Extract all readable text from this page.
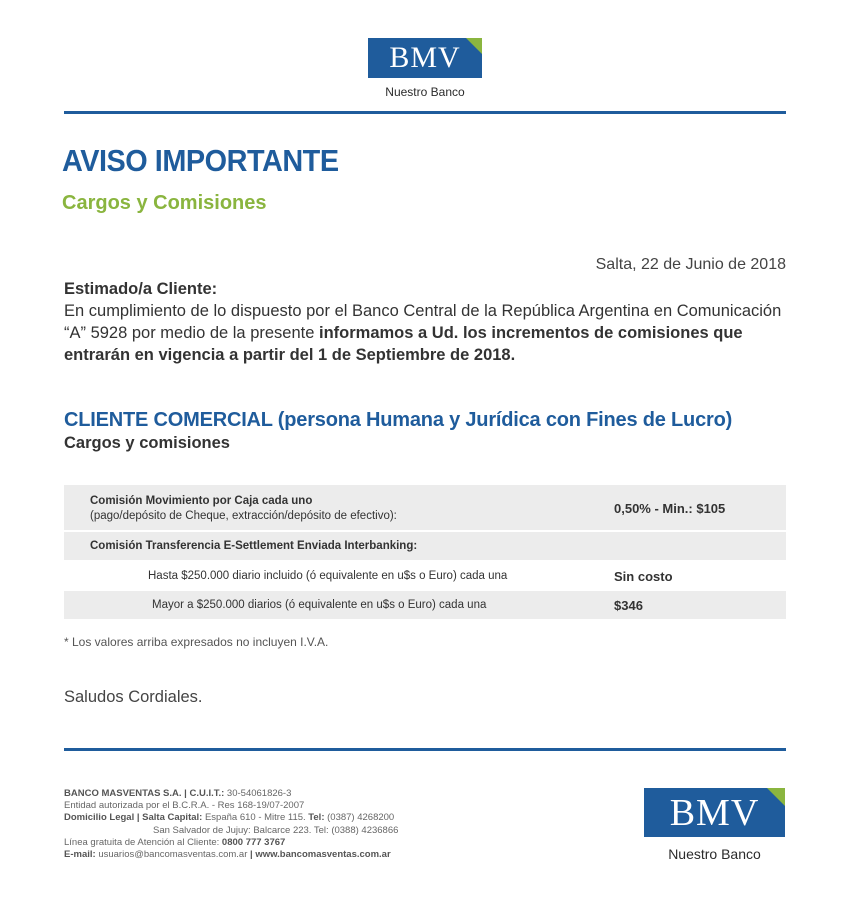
BMV
Nuestro Banco
AVISO IMPORTANTE
Cargos y Comisiones
Salta, 22 de Junio de 2018
Estimado/a Cliente:
En cumplimiento de lo dispuesto por el Banco Central de la República Argentina en Comunicación “A” 5928 por medio de la presente informamos a Ud. los incrementos de comisiones que entrarán en vigencia a partir del 1 de Septiembre de 2018.
CLIENTE COMERCIAL (persona Humana y Jurídica con Fines de Lucro)
Cargos y comisiones
Comisión Movimiento por Caja cada uno
(pago/depósito de Cheque, extracción/depósito de efectivo):	0,50% - Min.: $105
Comisión Transferencia E-Settlement Enviada Interbanking:
Hasta $250.000 diario incluido (ó equivalente en u$s o Euro) cada una	Sin costo
Mayor a $250.000 diarios (ó equivalente en u$s o Euro) cada una	$346
* Los valores arriba expresados no incluyen I.V.A.
Saludos Cordiales.
BANCO MASVENTAS S.A. | C.U.I.T.: 30-54061826-3
Entidad autorizada por el B.C.R.A. - Res 168-19/07-2007
Domicilio Legal | Salta Capital: España 610 - Mitre 115. Tel: (0387) 4268200
San Salvador de Jujuy: Balcarce 223. Tel: (0388) 4236866
Línea gratuita de Atención al Cliente: 0800 777 3767
E-mail: usuarios@bancomasventas.com.ar | www.bancomasventas.com.ar
BMV
Nuestro Banco
